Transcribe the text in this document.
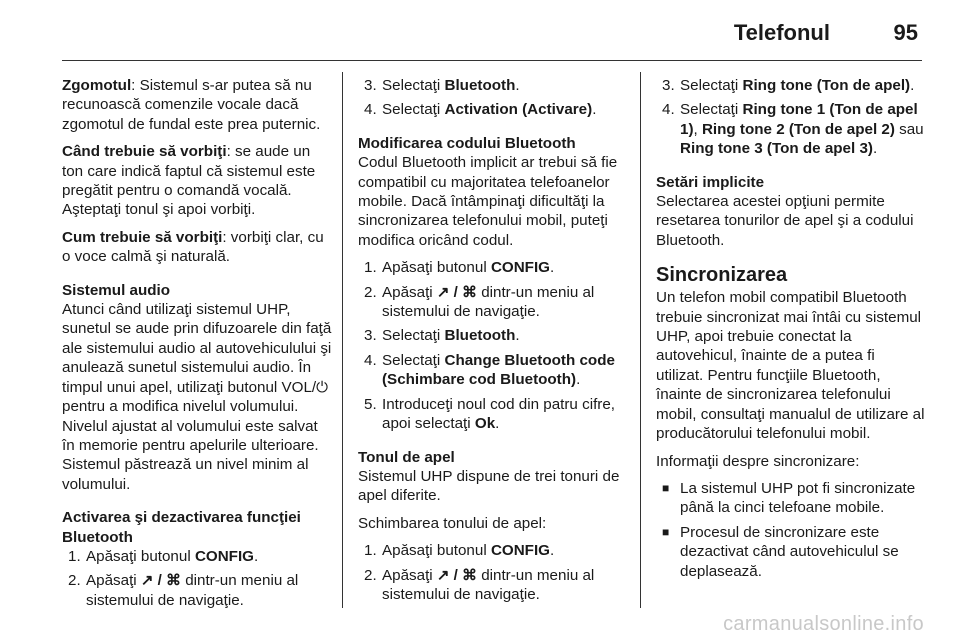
Telefonul	95

Zgomotul: Sistemul s-ar putea să nu recunoască comenzile vocale dacă zgomotul de fundal este prea puternic.

Când trebuie să vorbiţi: se aude un ton care indică faptul că sistemul este pregătit pentru o comandă vocală. Aşteptaţi tonul şi apoi vorbiţi.

Cum trebuie să vorbiţi: vorbiţi clar, cu o voce calmă şi naturală.

Sistemul audio

Atunci când utilizaţi sistemul UHP, sunetul se aude prin difuzoarele din faţă ale sistemului audio al autovehiculului şi anulează sunetul sistemului audio. În timpul unui apel, utilizaţi butonul VOL/⏻ pentru a modifica nivelul volumului. Nivelul ajustat al volumului este salvat în memorie pentru apelurile ulterioare. Sistemul păstrează un nivel minim al volumului.

Activarea şi dezactivarea funcţiei Bluetooth
1. Apăsaţi butonul CONFIG.
2. Apăsaţi ↗ / ⌘ dintr-un meniu al sistemului de navigaţie.
3. Selectaţi Bluetooth.
4. Selectaţi Activation (Activare).
Modificarea codului Bluetooth

Codul Bluetooth implicit ar trebui să fie compatibil cu majoritatea telefoanelor mobile. Dacă întâmpinaţi dificultăţi la sincronizarea telefonului mobil, puteţi modifica oricând codul.

1. Apăsaţi butonul CONFIG.
2. Apăsaţi ↗ / ⌘ dintr-un meniu al sistemului de navigaţie.
3. Selectaţi Bluetooth.
4. Selectaţi Change Bluetooth code (Schimbare cod Bluetooth).
5. Introduceţi noul cod din patru cifre, apoi selectaţi Ok.
Tonul de apel

Sistemul UHP dispune de trei tonuri de apel diferite.

Schimbarea tonului de apel:

1. Apăsaţi butonul CONFIG.
2. Apăsaţi ↗ / ⌘ dintr-un meniu al sistemului de navigaţie.
3. Selectaţi Ring tone (Ton de apel).
4. Selectaţi Ring tone 1 (Ton de apel 1), Ring tone 2 (Ton de apel 2) sau Ring tone 3 (Ton de apel 3).
Setări implicite

Selectarea acestei opţiuni permite resetarea tonurilor de apel şi a codului Bluetooth.

Sincronizarea

Un telefon mobil compatibil Bluetooth trebuie sincronizat mai întâi cu sistemul UHP, apoi trebuie conectat la autovehicul, înainte de a putea fi utilizat. Pentru funcţiile Bluetooth, înainte de sincronizarea telefonului mobil, consultaţi manualul de utilizare al producătorului telefonului mobil.

Informaţii despre sincronizare:

■ La sistemul UHP pot fi sincronizate până la cinci telefoane mobile.
■ Procesul de sincronizare este dezactivat când autovehiculul se deplasează.
carmanualsonline.info
